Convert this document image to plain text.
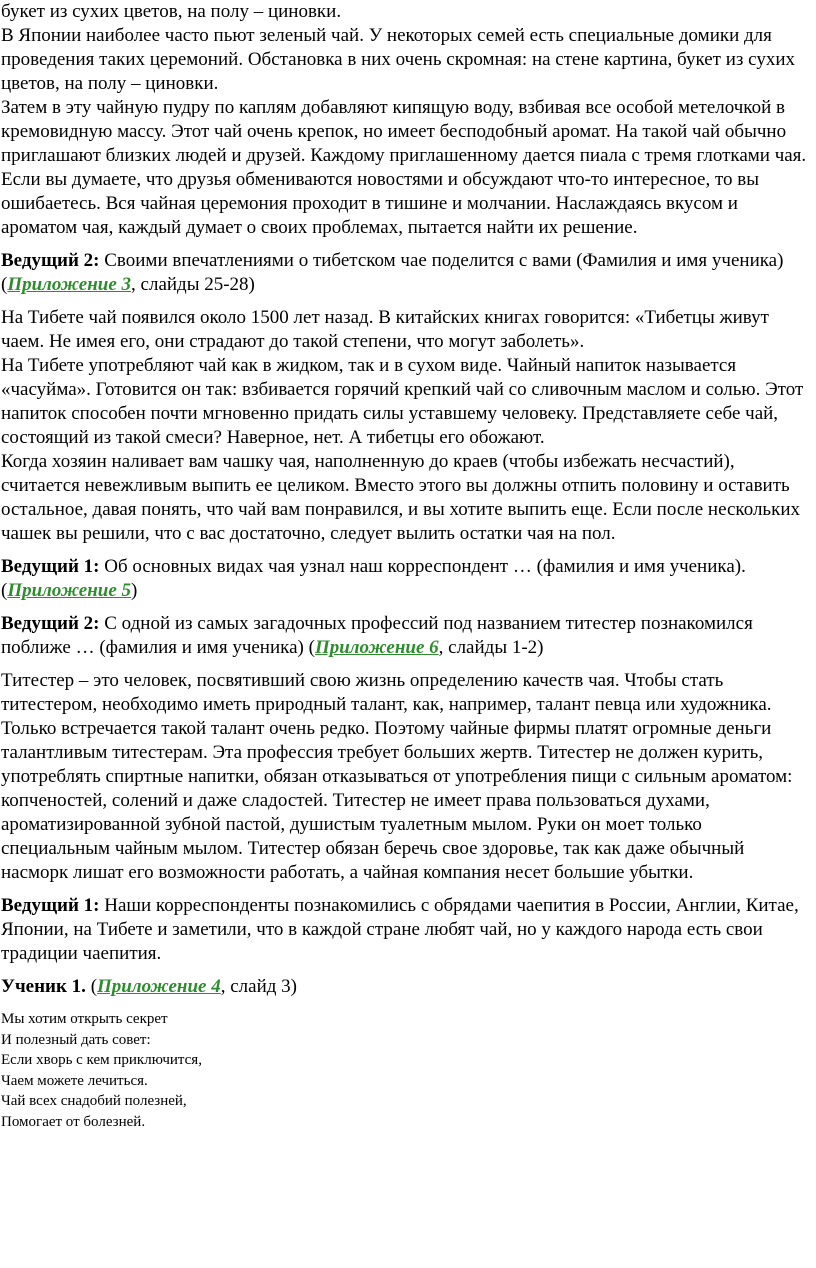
букет из сухих цветов, на полу – циновки.

В Японии наиболее часто пьют зеленый чай. У некоторых семей есть специальные домики для проведения таких церемоний. Обстановка в них очень скромная: на стене картина, букет из сухих цветов, на полу – циновки.

Затем в эту чайную пудру по каплям добавляют кипящую воду, взбивая все особой метелочкой в кремовидную массу. Этот чай очень крепок, но имеет бесподобный аромат. На такой чай обычно приглашают близких людей и друзей. Каждому приглашенному дается пиала с тремя глотками чая.

Если вы думаете, что друзья обмениваются новостями и обсуждают что-то интересное, то вы ошибаетесь. Вся чайная церемония проходит в тишине и молчании. Наслаждаясь вкусом и ароматом чая, каждый думает о своих проблемах, пытается найти их решение.

Ведущий 2: Своими впечатлениями о тибетском чае поделится с вами (Фамилия и имя ученика) (Приложение 3, слайды 25-28)

На Тибете чай появился около 1500 лет назад. В китайских книгах говорится: «Тибетцы живут чаем. Не имея его, они страдают до такой степени, что могут заболеть».

На Тибете употребляют чай как в жидком, так и в сухом виде. Чайный напиток называется «часуйма». Готовится он так: взбивается горячий крепкий чай со сливочным маслом и солью. Этот напиток способен почти мгновенно придать силы уставшему человеку. Представляете себе чай, состоящий из такой смеси? Наверное, нет. А тибетцы его обожают.

Когда хозяин наливает вам чашку чая, наполненную до краев (чтобы избежать несчастий), считается невежливым выпить ее целиком. Вместо этого вы должны отпить половину и оставить остальное, давая понять, что чай вам понравился, и вы хотите выпить еще. Если после нескольких чашек вы решили, что с вас достаточно, следует вылить остатки чая на пол.

Ведущий 1: Об основных видах чая узнал наш корреспондент … (фамилия и имя ученика). (Приложение 5)

Ведущий 2: С одной из самых загадочных профессий под названием титестер познакомился поближе … (фамилия и имя ученика) (Приложение 6, слайды 1-2)

Титестер – это человек, посвятивший свою жизнь определению качеств чая. Чтобы стать титестером, необходимо иметь природный талант, как, например, талант певца или художника. Только встречается такой талант очень редко. Поэтому чайные фирмы платят огромные деньги талантливым титестерам. Эта профессия требует больших жертв. Титестер не должен курить, употреблять спиртные напитки, обязан отказываться от употребления пищи с сильным ароматом: копченостей, солений и даже сладостей. Титестер не имеет права пользоваться духами, ароматизированной зубной пастой, душистым туалетным мылом. Руки он моет только специальным чайным мылом. Титестер обязан беречь свое здоровье, так как даже обычный насморк лишат его возможности работать, а чайная компания несет большие убытки.

Ведущий 1: Наши корреспонденты познакомились с обрядами чаепития в России, Англии, Китае, Японии, на Тибете и заметили, что в каждой стране любят чай, но у каждого народа есть свои традиции чаепития.

Ученик 1. (Приложение 4, слайд 3)

Мы хотим открыть секрет

И полезный дать совет:

Если хворь с кем приключится,

Чаем можете лечиться.

Чай всех снадобий полезней,

Помогает от болезней.
